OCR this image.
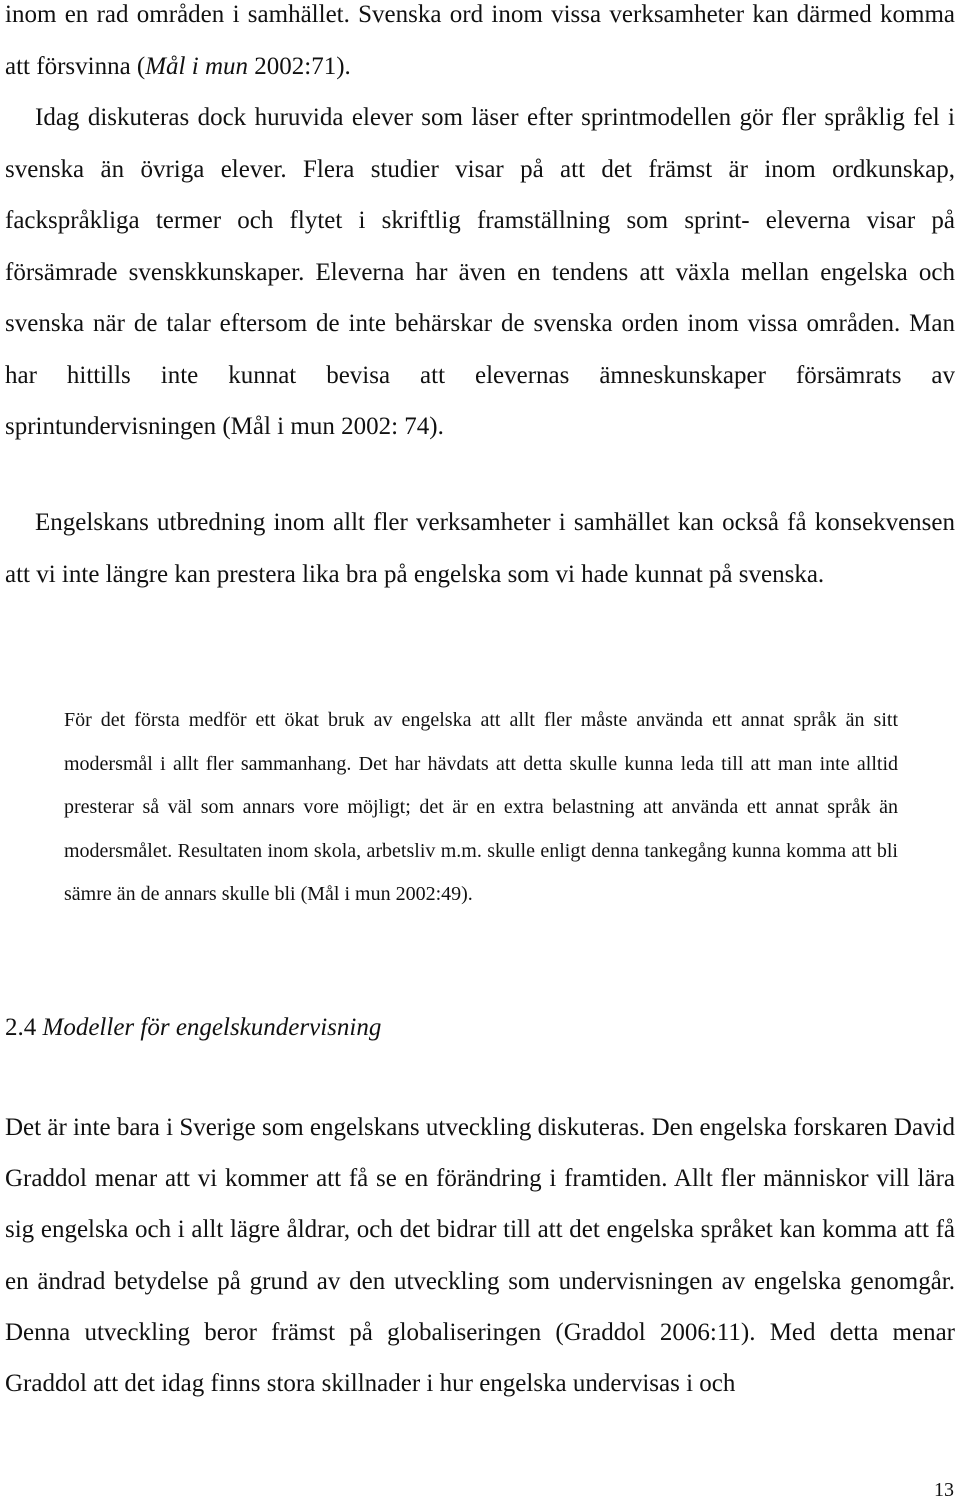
inom en rad områden i samhället. Svenska ord inom vissa verksamheter kan därmed komma att försvinna (Mål i mun 2002:71).
Idag diskuteras dock huruvida elever som läser efter sprintmodellen gör fler språklig fel i svenska än övriga elever. Flera studier visar på att det främst är inom ordkunskap, fackspråkliga termer och flytet i skriftlig framställning som sprint- eleverna visar på försämrade svenskkunskaper. Eleverna har även en tendens att växla mellan engelska och svenska när de talar eftersom de inte behärskar de svenska orden inom vissa områden. Man har hittills inte kunnat bevisa att elevernas ämneskunskaper försämrats av sprintundervisningen (Mål i mun 2002: 74).

Engelskans utbredning inom allt fler verksamheter i samhället kan också få konsekvensen att vi inte längre kan prestera lika bra på engelska som vi hade kunnat på svenska.

För det första medför ett ökat bruk av engelska att allt fler måste använda ett annat språk än sitt modersmål i allt fler sammanhang. Det har hävdats att detta skulle kunna leda till att man inte alltid presterar så väl som annars vore möjligt; det är en extra belastning att använda ett annat språk än modersmålet. Resultaten inom skola, arbetsliv m.m. skulle enligt denna tankegång kunna komma att bli sämre än de annars skulle bli (Mål i mun 2002:49).

2.4 Modeller för engelskundervisning

Det är inte bara i Sverige som engelskans utveckling diskuteras. Den engelska forskaren David Graddol menar att vi kommer att få se en förändring i framtiden. Allt fler människor vill lära sig engelska och i allt lägre åldrar, och det bidrar till att det engelska språket kan komma att få en ändrad betydelse på grund av den utveckling som undervisningen av engelska genomgår. Denna utveckling beror främst på globaliseringen (Graddol 2006:11). Med detta menar Graddol att det idag finns stora skillnader i hur engelska undervisas i och

13
